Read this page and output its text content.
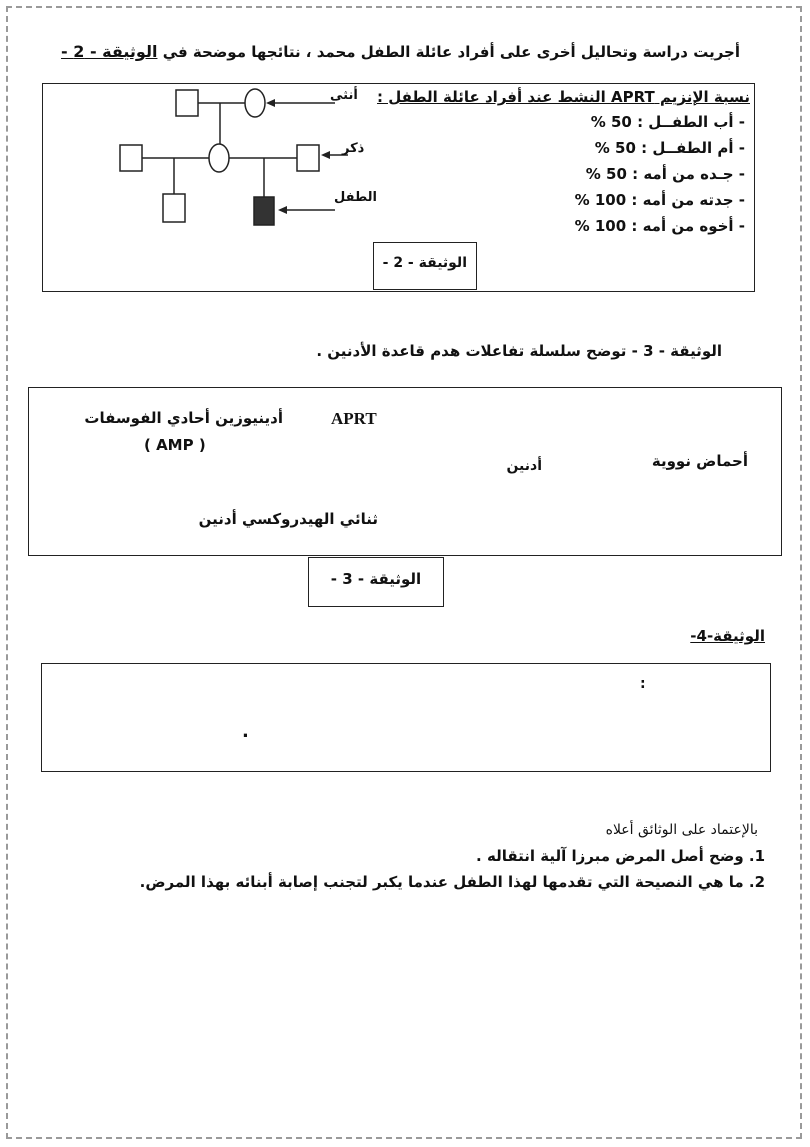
أجريت دراسة وتحاليل أخرى على أفراد عائلة الطفل محمد ، نتائجها موضحة في الوثيقة - 2 -
أنثى
ذكر
الطفل
نسبة الإنزيم APRT النشط عند أفراد عائلة الطفل :
- أب الطفــل : 50 %
- أم الطفــل : 50 %
- جـده من أمه : 50 %
- جدته من أمه : 100 %
- أخوه من أمه : 100 %
الوثيقة - 2 -
الوثيقة - 3 - توضح سلسلة تفاعلات هدم قاعدة الأدنين .
أحماض نووية
أدنين
APRT
أدينيوزين أحادي الفوسفات
( AMP )
ثنائي الهيدروكسي أدنين
الوثيقة - 3 -
الوثيقة-4-
:
.
بالإعتماد على الوثائق أعلاه
1. وضح أصل المرض مبرزا آلية انتقاله .
2. ما هي النصيحة التي تقدمها لهذا الطفل عندما يكبر لتجنب إصابة أبنائه بهذا المرض.
